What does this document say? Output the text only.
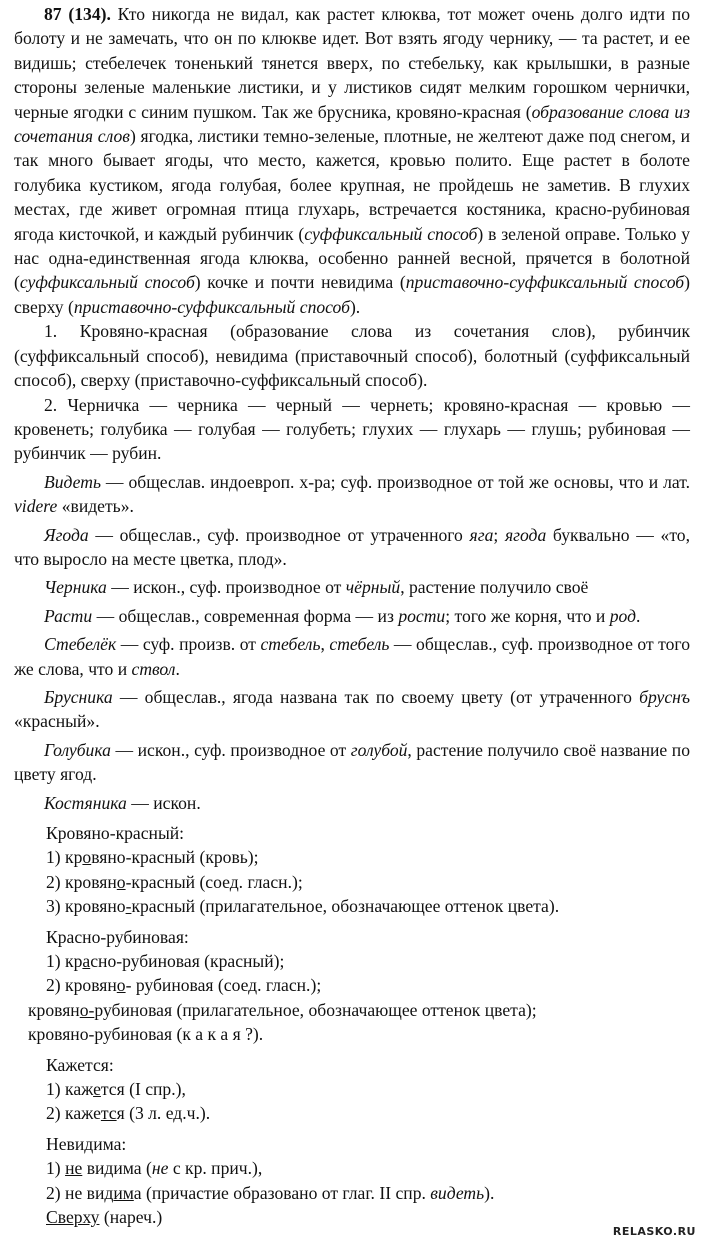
87 (134). Кто никогда не видал, как растет клюква, тот может очень долго идти по болоту и не замечать, что он по клюкве идет. Вот взять ягоду чернику, — та растет, и ее видишь; стебелечек тоненький тянется вверх, по стебельку, как крылышки, в разные стороны зеленые маленькие листики, и у листиков сидят мелким горошком чернички, черные ягодки с синим пушком. Так же брусника, кровяно-красная (образование слова из сочетания слов) ягодка, листики темно-зеленые, плотные, не желтеют даже под снегом, и так много бывает ягоды, что место, кажется, кровью полито. Еще растет в болоте голубика кустиком, ягода голубая, более крупная, не пройдешь не заметив. В глухих местах, где живет огромная птица глухарь, встречается костяника, красно-рубиновая ягода кисточкой, и каждый рубинчик (суффиксальный способ) в зеленой оправе. Только у нас одна-единственная ягода клюква, особенно ранней весной, прячется в болотной (суффиксальный способ) кочке и почти невидима (приставочно-суффиксальный способ) сверху (приставочно-суффиксальный способ).

1. Кровяно-красная (образование слова из сочетания слов), рубинчик (суффиксальный способ), невидима (приставочный способ), болотный (суффиксальный способ), сверху (приставочно-суффиксальный способ).

2. Черничка — черника — черный — чернеть; кровяно-красная — кровью — кровенеть; голубика — голубая — голубеть; глухих — глухарь — глушь; рубиновая — рубинчик — рубин.

Видеть — общеслав. индоевроп. х-ра; суф. производное от той же основы, что и лат. videre «видеть».

Ягода — общеслав., суф. производное от утраченного яга; ягода буквально — «то, что выросло на месте цветка, плод».

Черника — искон., суф. производное от чёрный, растение получило своё

Расти — общеслав., современная форма — из рости; того же корня, что и род.

Стебелёк — суф. произв. от стебель, стебель — общеслав., суф. производное от того же слова, что и ствол.

Брусника — общеслав., ягода названа так по своему цвету (от утраченного бруснъ «красный».

Голубика — искон., суф. производное от голубой, растение получило своё название по цвету ягод.

Костяника — искон.

Кровяно-красный:

1) кровяно-красный (кровь);

2) кровяно-красный (соед. гласн.);

3) кровяно-красный (прилагательное, обозначающее оттенок цвета).

Красно-рубиновая:

1) красно-рубиновая (красный);

2) кровяно- рубиновая (соед. гласн.);

кровяно-рубиновая (прилагательное, обозначающее оттенок цвета);

кровяно-рубиновая (к а к а я ?).

Кажется:

1) кажется (I спр.),

2) кажется (3 л. ед.ч.).

Невидима:

1) не видима (не с кр. прич.),

2) не видима (причастие образовано от глаг. II спр. видеть).

Сверху (нареч.)

RELASKO.RU
